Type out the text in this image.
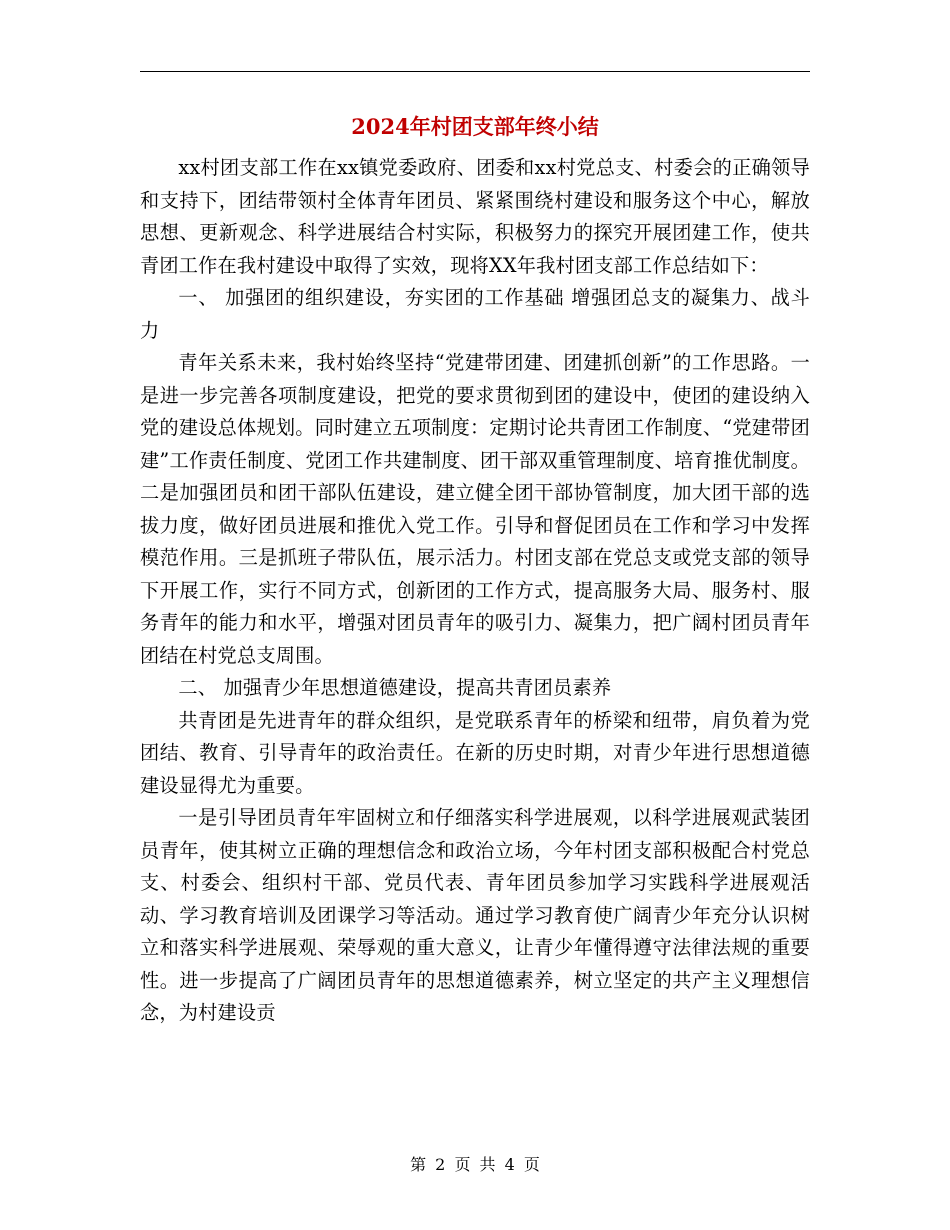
2024年村团支部年终小结

xx村团支部工作在xx镇党委政府、团委和xx村党总支、村委会的正确领导和支持下，团结带领村全体青年团员、紧紧围绕村建设和服务这个中心，解放思想、更新观念、科学进展结合村实际，积极努力的探究开展团建工作，使共青团工作在我村建设中取得了实效，现将XX年我村团支部工作总结如下：

一、 加强团的组织建设，夯实团的工作基础 增强团总支的凝集力、战斗力

青年关系未来，我村始终坚持“党建带团建、团建抓创新”的工作思路。一是进一步完善各项制度建设，把党的要求贯彻到团的建设中，使团的建设纳入党的建设总体规划。同时建立五项制度：定期讨论共青团工作制度、“党建带团建”工作责任制度、党团工作共建制度、团干部双重管理制度、培育推优制度。二是加强团员和团干部队伍建设，建立健全团干部协管制度，加大团干部的选拔力度，做好团员进展和推优入党工作。引导和督促团员在工作和学习中发挥模范作用。三是抓班子带队伍，展示活力。村团支部在党总支或党支部的领导下开展工作，实行不同方式，创新团的工作方式，提高服务大局、服务村、服务青年的能力和水平，增强对团员青年的吸引力、凝集力，把广阔村团员青年团结在村党总支周围。

二、 加强青少年思想道德建设，提高共青团员素养

共青团是先进青年的群众组织，是党联系青年的桥梁和纽带，肩负着为党团结、教育、引导青年的政治责任。在新的历史时期，对青少年进行思想道德建设显得尤为重要。

一是引导团员青年牢固树立和仔细落实科学进展观，以科学进展观武装团员青年，使其树立正确的理想信念和政治立场，今年村团支部积极配合村党总支、村委会、组织村干部、党员代表、青年团员参加学习实践科学进展观活动、学习教育培训及团课学习等活动。通过学习教育使广阔青少年充分认识树立和落实科学进展观、荣辱观的重大意义，让青少年懂得遵守法律法规的重要性。进一步提高了广阔团员青年的思想道德素养，树立坚定的共产主义理想信念，为村建设贡

第 2 页 共 4 页
